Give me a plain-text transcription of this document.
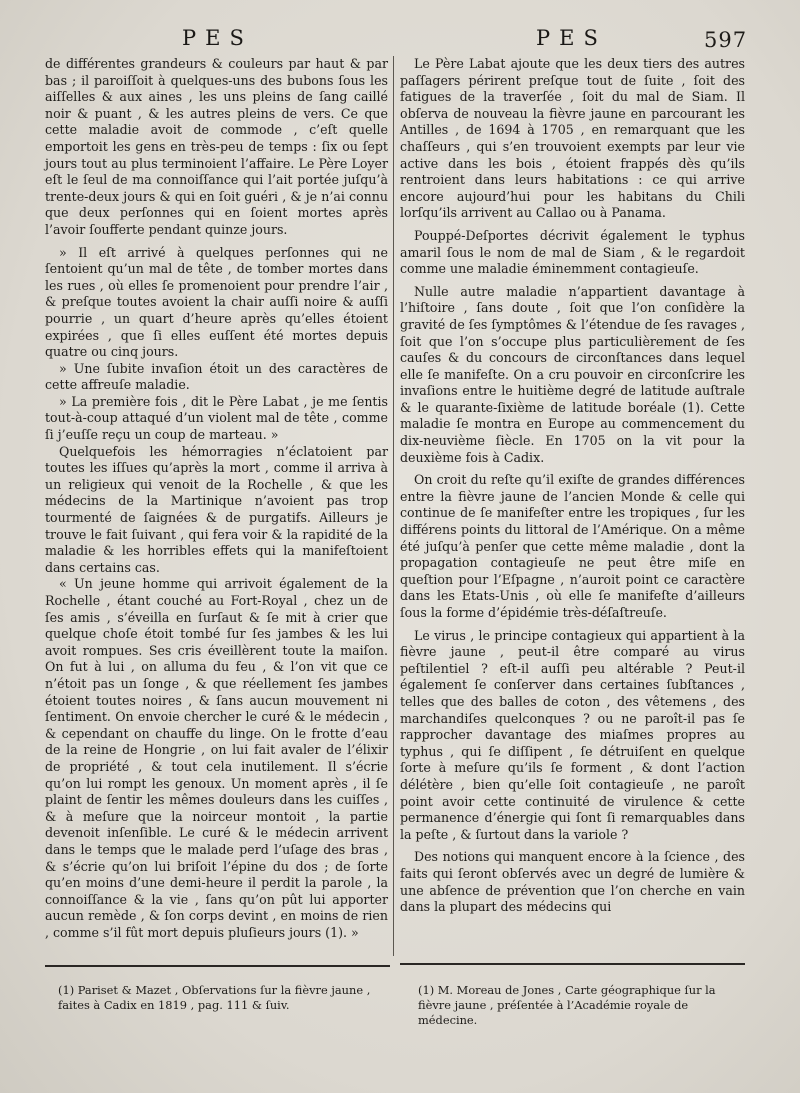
PES	PES	597

de différentes grandeurs & couleurs par haut & par bas ; il paroiſſoit à quelques-uns des bubons ſous les aiſſelles & aux aines , les uns pleins de ſang caillé noir & puant , & les autres pleins de vers. Ce que cette maladie avoit de commode , c’eſt quelle emportoit les gens en très-peu de temps : ſix ou ſept jours tout au plus terminoient l’affaire. Le Père Loyer eſt le ſeul de ma connoiſſance qui l’ait portée juſqu’à trente-deux jours & qui en ſoit guéri , & je n’ai connu que deux perſonnes qui en ſoient mortes après l’avoir ſoufferte pendant quinze jours.

» Il eſt arrivé à quelques perſonnes qui ne ſentoient qu’un mal de tête , de tomber mortes dans les rues , où elles ſe promenoient pour prendre l’air , & preſque toutes avoient la chair auſſi noire & auſſi pourrie , un quart d’heure après qu’elles étoient expirées , que ſi elles euſſent été mortes depuis quatre ou cinq jours.

» Une ſubite invaſion étoit un des caractères de cette affreuſe maladie.

» La première fois , dit le Père Labat , je me ſentis tout-à-coup attaqué d’un violent mal de tête , comme ſi j’euſſe reçu un coup de marteau. »

Quelquefois les hémorragies n’éclatoient par toutes les iſſues qu’après la mort , comme il arriva à un religieux qui venoit de la Rochelle , & que les médecins de la Martinique n’avoient pas trop tourmenté de ſaignées & de purgatifs. Ailleurs je trouve le fait ſuivant , qui fera voir & la rapidité de la maladie & les horribles effets qui la manifeſtoient dans certains cas.

« Un jeune homme qui arrivoit également de la Rochelle , étant couché au Fort-Royal , chez un de ſes amis , s’éveilla en ſurſaut & ſe mit à crier que quelque choſe étoit tombé ſur ſes jambes & les lui avoit rompues. Ses cris éveillèrent toute la maiſon. On fut à lui , on alluma du feu , & l’on vit que ce n’étoit pas un ſonge , & que réellement ſes jambes étoient toutes noires , & ſans aucun mouvement ni ſentiment. On envoie chercher le curé & le médecin , & cependant on chauffe du linge. On le frotte d’eau de la reine de Hongrie , on lui fait avaler de l’élixir de propriété , & tout cela inutilement. Il s’écrie qu’on lui rompt les genoux. Un moment après , il ſe plaint de ſentir les mêmes douleurs dans les cuiſſes , & à meſure que la noirceur montoit , la partie devenoit inſenſible. Le curé & le médecin arrivent dans le temps que le malade perd l’uſage des bras , & s’écrie qu’on lui briſoit l’épine du dos ; de ſorte qu’en moins d’une demi-heure il perdit la parole , la connoiſſance & la vie , ſans qu’on pût lui apporter aucun remède , & ſon corps devint , en moins de rien , comme s’il fût mort depuis pluſieurs jours (1). »

Le Père Labat ajoute que les deux tiers des autres paſſagers périrent preſque tout de ſuite , ſoit des fatigues de la traverſée , ſoit du mal de Siam. Il obſerva de nouveau la fièvre jaune en parcourant les Antilles , de 1694 à 1705 , en remarquant que les chaſſeurs , qui s’en trouvoient exempts par leur vie active dans les bois , étoient frappés dès qu’ils rentroient dans leurs habitations : ce qui arrive encore aujourd’hui pour les habitans du Chili lorſqu’ils arrivent au Callao ou à Panama.

Pouppé-Deſportes décrivit également le typhus amaril ſous le nom de mal de Siam , & le regardoit comme une maladie éminemment contagieuſe.

Nulle autre maladie n’appartient davantage à l’hiſtoire , ſans doute , ſoit que l’on conſidère la gravité de ſes ſymptômes & l’étendue de ſes ravages , ſoit que l’on s’occupe plus particulièrement de ſes cauſes & du concours de circonſtances dans lequel elle ſe manifeſte. On a cru pouvoir en circonſcrire les invaſions entre le huitième degré de latitude auſtrale & le quarante-ſixième de latitude boréale (1). Cette maladie ſe montra en Europe au commencement du dix-neuvième ſiècle. En 1705 on la vit pour la deuxième fois à Cadix.

On croit du reſte qu’il exiſte de grandes différences entre la fièvre jaune de l’ancien Monde & celle qui continue de ſe manifeſter entre les tropiques , ſur les différens points du littoral de l’Amérique. On a même été juſqu’à penſer que cette même maladie , dont la propagation contagieuſe ne peut être miſe en queſtion pour l’Eſpagne , n’auroit point ce caractère dans les Etats-Unis , où elle ſe manifeſte d’ailleurs ſous la forme d’épidémie très-déſaſtreuſe.

Le virus , le principe contagieux qui appartient à la fièvre jaune , peut-il être comparé au virus peſtilentiel ? eſt-il auſſi peu altérable ? Peut-il également ſe conſerver dans certaines ſubſtances , telles que des balles de coton , des vêtemens , des marchandiſes quelconques ? ou ne paroît-il pas ſe rapprocher davantage des miaſmes propres au typhus , qui ſe diſſipent , ſe détruiſent en quelque ſorte à meſure qu’ils ſe forment , & dont l’action délétère , bien qu’elle ſoit contagieuſe , ne paroît point avoir cette continuité de virulence & cette permanence d’énergie qui ſont ſi remarquables dans la peſte , & ſurtout dans la variole ?

Des notions qui manquent encore à la ſcience , des faits qui ſeront obſervés avec un degré de lumière & une abſence de prévention que l’on cherche en vain dans la plupart des médecins qui

(1) Pariset & Mazet , Obſervations ſur la fièvre jaune , faites à Cadix en 1819 , pag. 111 & ſuiv.
(1) M. Moreau de Jones , Carte géographique ſur la fièvre jaune , préſentée à l’Académie royale de médecine.
